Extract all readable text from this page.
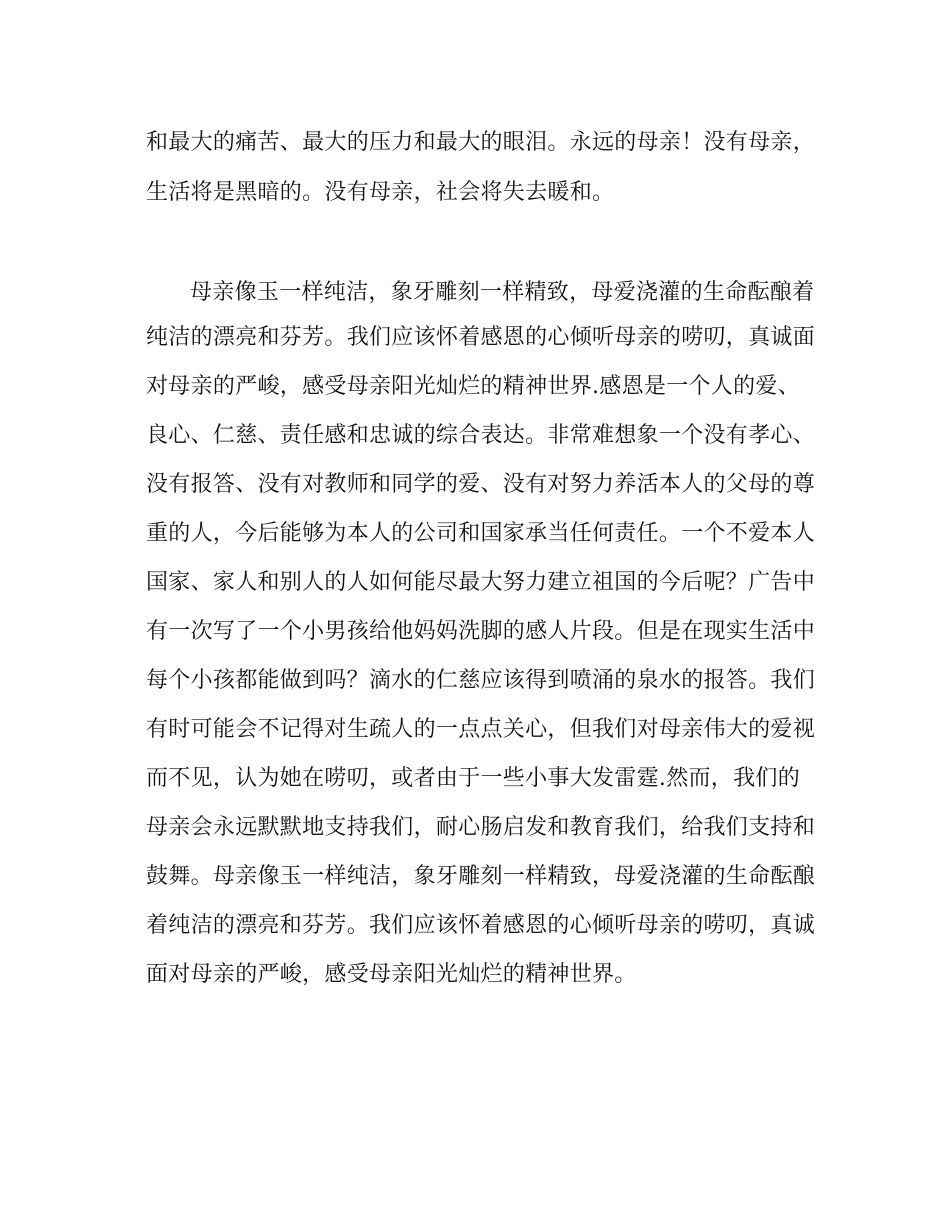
和最大的痛苦、最大的压力和最大的眼泪。永远的母亲！没有母亲，

生活将是黑暗的。没有母亲，社会将失去暖和。

母亲像玉一样纯洁，象牙雕刻一样精致，母爱浇灌的生命酝酿着

纯洁的漂亮和芬芳。我们应该怀着感恩的心倾听母亲的唠叨，真诚面

对母亲的严峻，感受母亲阳光灿烂的精神世界.感恩是一个人的爱、

良心、仁慈、责任感和忠诚的综合表达。非常难想象一个没有孝心、

没有报答、没有对教师和同学的爱、没有对努力养活本人的父母的尊

重的人，今后能够为本人的公司和国家承当任何责任。一个不爱本人

国家、家人和别人的人如何能尽最大努力建立祖国的今后呢？广告中

有一次写了一个小男孩给他妈妈洗脚的感人片段。但是在现实生活中

每个小孩都能做到吗？滴水的仁慈应该得到喷涌的泉水的报答。我们

有时可能会不记得对生疏人的一点点关心，但我们对母亲伟大的爱视

而不见，认为她在唠叨，或者由于一些小事大发雷霆.然而，我们的

母亲会永远默默地支持我们，耐心肠启发和教育我们，给我们支持和

鼓舞。母亲像玉一样纯洁，象牙雕刻一样精致，母爱浇灌的生命酝酿

着纯洁的漂亮和芬芳。我们应该怀着感恩的心倾听母亲的唠叨，真诚

面对母亲的严峻，感受母亲阳光灿烂的精神世界。
